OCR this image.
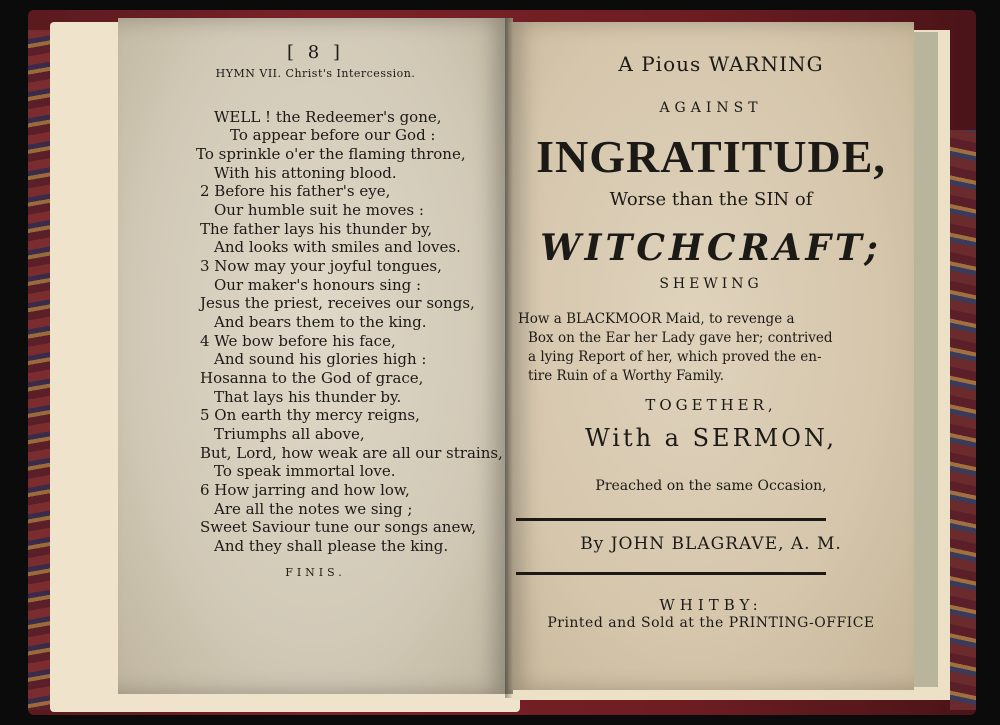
[ 8 ]
HYMN VII. Christ's Intercession.
WELL ! the Redeemer's gone,
To appear before our God :
To sprinkle o'er the flaming throne,
With his attoning blood.
2 Before his father's eye,
Our humble suit he moves :
The father lays his thunder by,
And looks with smiles and loves.
3 Now may your joyful tongues,
Our maker's honours sing :
Jesus the priest, receives our songs,
And bears them to the king.
4 We bow before his face,
And sound his glories high :
Hosanna to the God of grace,
That lays his thunder by.
5 On earth thy mercy reigns,
Triumphs all above,
But, Lord, how weak are all our strains,
To speak immortal love.
6 How jarring and how low,
Are all the notes we sing ;
Sweet Saviour tune our songs anew,
And they shall please the king.
FINIS.
A Pious WARNING
AGAINST
INGRATITUDE,
Worse than the SIN of
WITCHCRAFT;
SHEWING
How a BLACKMOOR Maid, to revenge a
Box on the Ear her Lady gave her; contrived
a lying Report of her, which proved the en-
tire Ruin of a Worthy Family.
TOGETHER,
With a SERMON,
Preached on the same Occasion,
By JOHN BLAGRAVE, A. M.
WHITBY:
Printed and Sold at the PRINTING-OFFICE
